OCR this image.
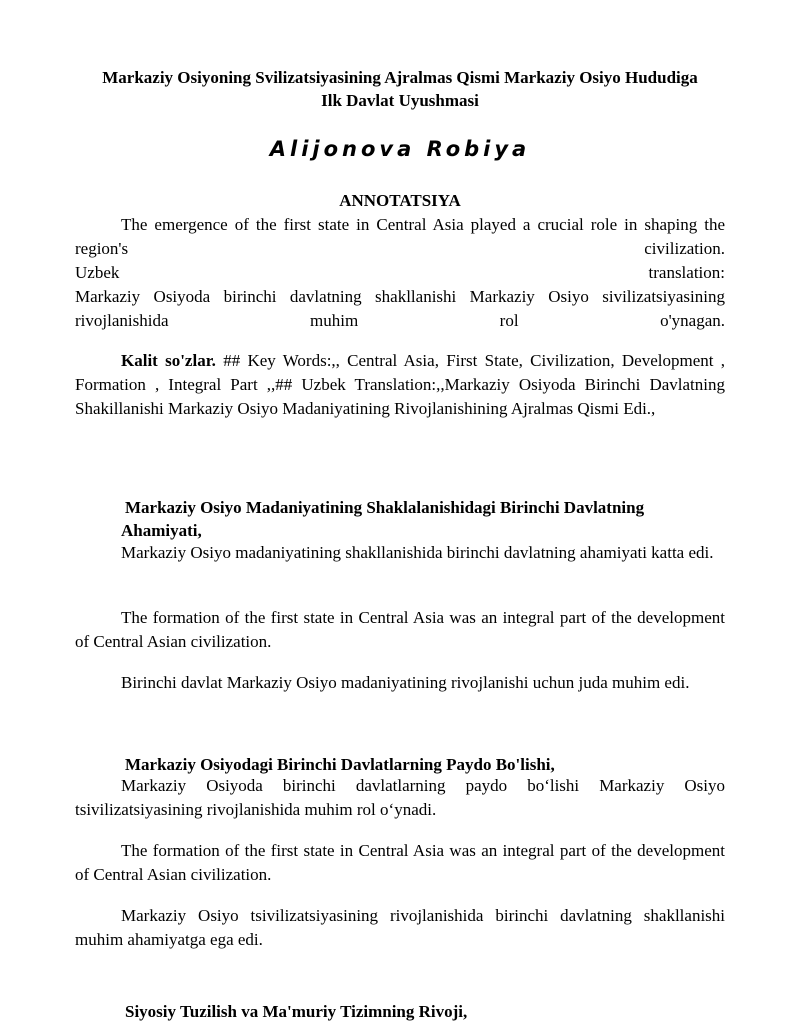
Markaziy Osiyoning Svilizatsiyasining Ajralmas Qismi Markaziy Osiyo Hududiga
Ilk Davlat Uyushmasi
Alijonova Robiya
ANNOTATSIYA
The emergence of the first state in Central Asia played a crucial role in shaping the
region's civilization.
Uzbek translation:
Markaziy Osiyoda birinchi davlatning shakllanishi Markaziy Osiyo sivilizatsiyasining
rivojlanishida muhim rol o'ynagan.
Kalit so'zlar. ## Key Words:,, Central Asia, First State, Civilization, Development , Formation , Integral Part ,,## Uzbek Translation:,,Markaziy Osiyoda Birinchi Davlatning Shakillanishi Markaziy Osiyo Madaniyatining Rivojlanishining Ajralmas Qismi Edi.,
Markaziy Osiyo Madaniyatining Shaklalanishidagi Birinchi Davlatning
Ahamiyati,
Markaziy Osiyo madaniyatining shakllanishida birinchi davlatning ahamiyati katta edi.
The formation of the first state in Central Asia was an integral part of the development of Central Asian civilization.
Birinchi davlat Markaziy Osiyo madaniyatining rivojlanishi uchun juda muhim edi.
Markaziy Osiyodagi Birinchi Davlatlarning Paydo Bo'lishi,
Markaziy Osiyoda birinchi davlatlarning paydo bo‘lishi Markaziy Osiyo tsivilizatsiyasining rivojlanishida muhim rol o‘ynadi.
The formation of the first state in Central Asia was an integral part of the development of Central Asian civilization.
Markaziy Osiyo tsivilizatsiyasining rivojlanishida birinchi davlatning shakllanishi muhim ahamiyatga ega edi.
Siyosiy Tuzilish va Ma'muriy Tizimning Rivoji,
